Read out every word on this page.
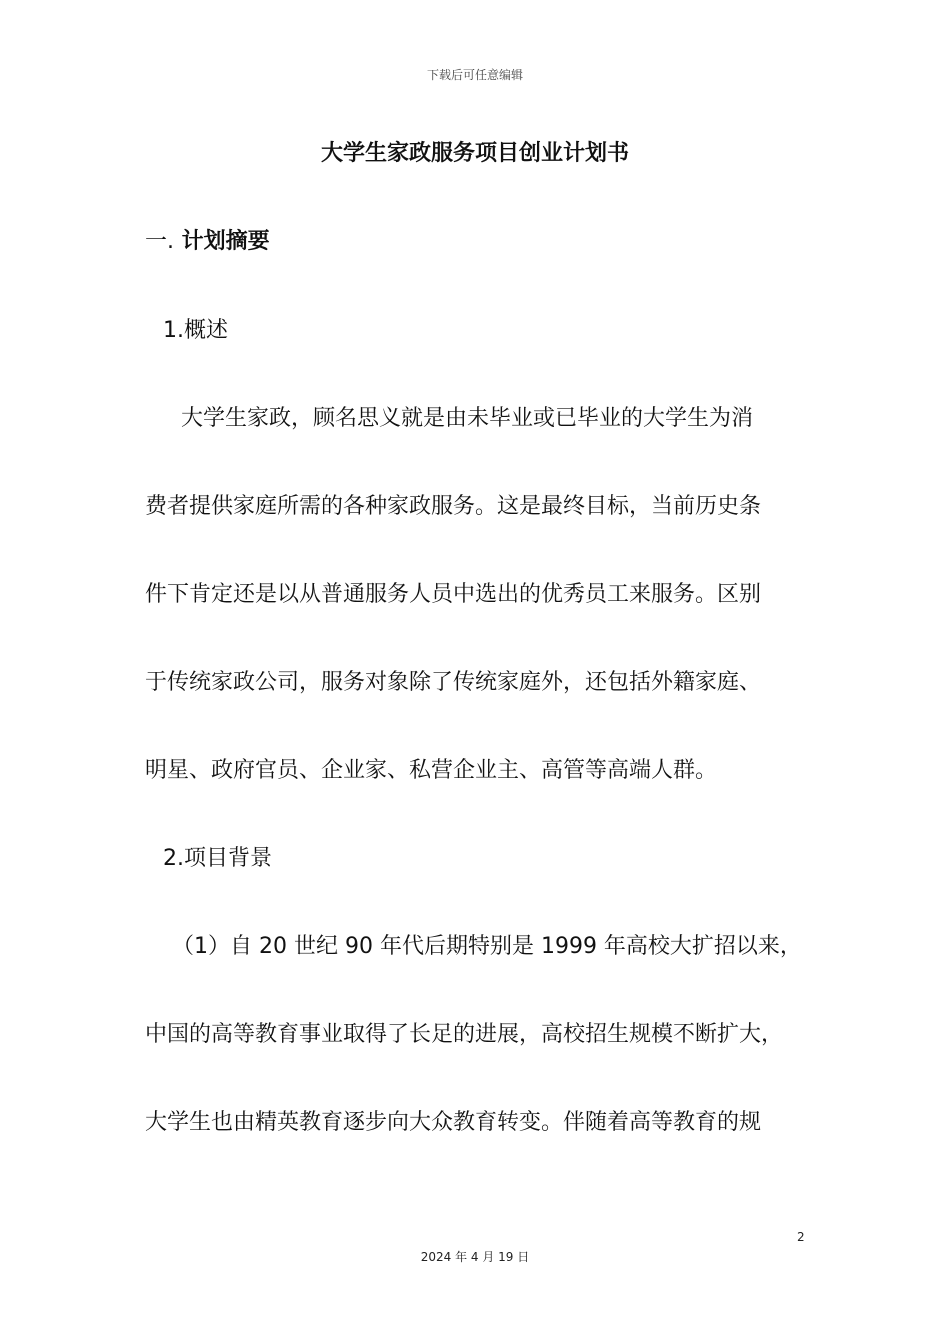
下载后可任意编辑
大学生家政服务项目创业计划书
一. 计划摘要
1.概述

大学生家政，顾名思义就是由未毕业或已毕业的大学生为消

费者提供家庭所需的各种家政服务。这是最终目标，当前历史条

件下肯定还是以从普通服务人员中选出的优秀员工来服务。区别

于传统家政公司，服务对象除了传统家庭外，还包括外籍家庭、

明星、政府官员、企业家、私营企业主、高管等高端人群。

2.项目背景

（1）自 20 世纪 90 年代后期特别是 1999 年高校大扩招以来，

中国的高等教育事业取得了长足的进展，高校招生规模不断扩大，

大学生也由精英教育逐步向大众教育转变。伴随着高等教育的规

2
2024 年 4 月 19 日
